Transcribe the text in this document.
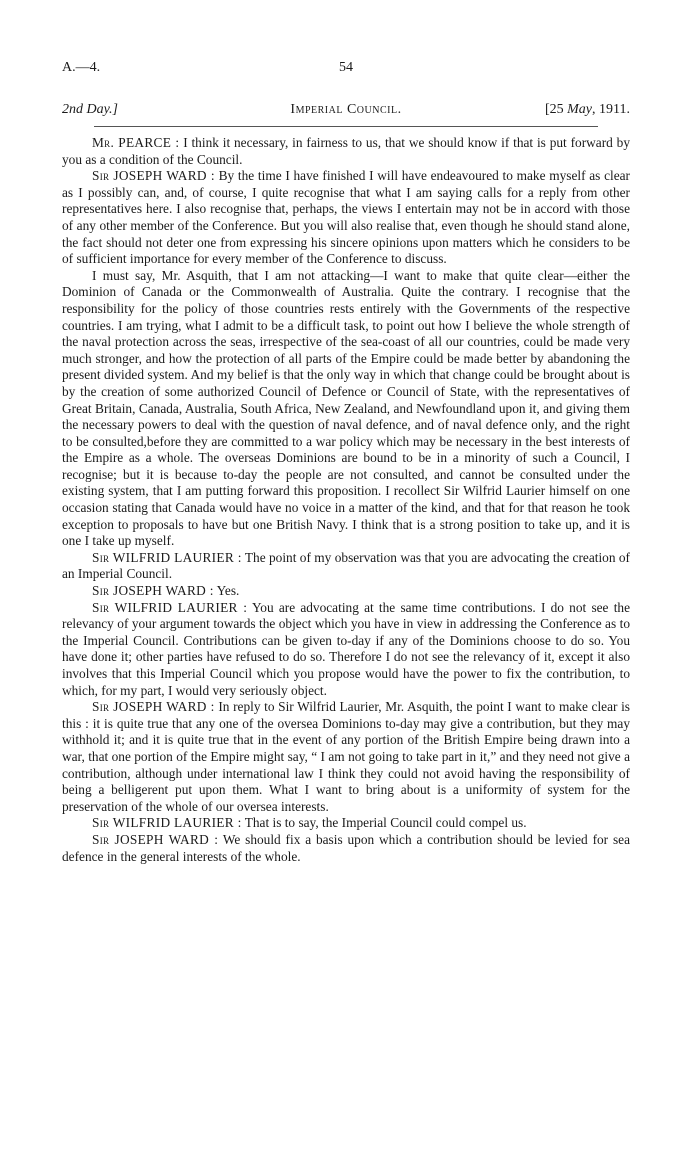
A.—4.	54
2nd Day.]	Imperial Council.	[25 May, 1911.

Mr. PEARCE : I think it necessary, in fairness to us, that we should know if that is put forward by you as a condition of the Council.

Sir JOSEPH WARD : By the time I have finished I will have endeavoured to make myself as clear as I possibly can, and, of course, I quite recognise that what I am saying calls for a reply from other representatives here. I also recognise that, perhaps, the views I entertain may not be in accord with those of any other member of the Conference. But you will also realise that, even though he should stand alone, the fact should not deter one from expressing his sincere opinions upon matters which he considers to be of sufficient importance for every member of the Conference to discuss.

I must say, Mr. Asquith, that I am not attacking—I want to make that quite clear—either the Dominion of Canada or the Commonwealth of Australia. Quite the contrary. I recognise that the responsibility for the policy of those countries rests entirely with the Governments of the respective countries. I am trying, what I admit to be a difficult task, to point out how I believe the whole strength of the naval protection across the seas, irrespective of the sea-coast of all our countries, could be made very much stronger, and how the protection of all parts of the Empire could be made better by abandoning the present divided system. And my belief is that the only way in which that change could be brought about is by the creation of some authorized Council of Defence or Council of State, with the representatives of Great Britain, Canada, Australia, South Africa, New Zealand, and Newfoundland upon it, and giving them the necessary powers to deal with the question of naval defence, and of naval defence only, and the right to be consulted,before they are committed to a war policy which may be necessary in the best interests of the Empire as a whole. The overseas Dominions are bound to be in a minority of such a Council, I recognise; but it is because to-day the people are not consulted, and cannot be consulted under the existing system, that I am putting forward this proposition. I recollect Sir Wilfrid Laurier himself on one occasion stating that Canada would have no voice in a matter of the kind, and that for that reason he took exception to proposals to have but one British Navy. I think that is a strong position to take up, and it is one I take up myself.

Sir WILFRID LAURIER : The point of my observation was that you are advocating the creation of an Imperial Council.

Sir JOSEPH WARD : Yes.

Sir WILFRID LAURIER : You are advocating at the same time contributions. I do not see the relevancy of your argument towards the object which you have in view in addressing the Conference as to the Imperial Council. Contributions can be given to-day if any of the Dominions choose to do so. You have done it; other parties have refused to do so. Therefore I do not see the relevancy of it, except it also involves that this Imperial Council which you propose would have the power to fix the contribution, to which, for my part, I would very seriously object.

Sir JOSEPH WARD : In reply to Sir Wilfrid Laurier, Mr. Asquith, the point I want to make clear is this : it is quite true that any one of the oversea Dominions to-day may give a contribution, but they may withhold it; and it is quite true that in the event of any portion of the British Empire being drawn into a war, that one portion of the Empire might say, “ I am not going to take part in it,” and they need not give a contribution, although under international law I think they could not avoid having the responsibility of being a belligerent put upon them. What I want to bring about is a uniformity of system for the preservation of the whole of our oversea interests.

Sir WILFRID LAURIER : That is to say, the Imperial Council could compel us.

Sir JOSEPH WARD : We should fix a basis upon which a contribution should be levied for sea defence in the general interests of the whole.
